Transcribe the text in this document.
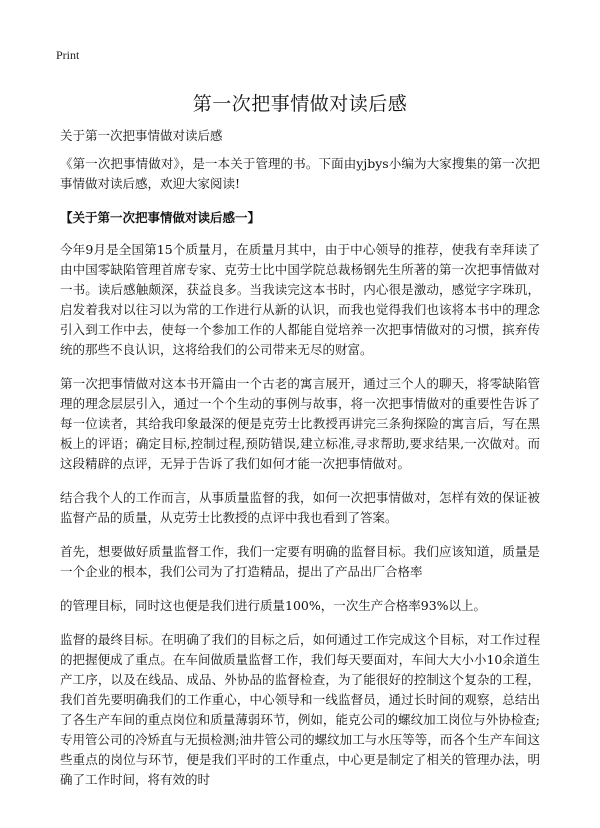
Print
第一次把事情做对读后感
关于第一次把事情做对读后感

《第一次把事情做对》，是一本关于管理的书。下面由yjbys小编为大家搜集的第一次把事情做对读后感，欢迎大家阅读!

【关于第一次把事情做对读后感一】

今年9月是全国第15个质量月，在质量月其中，由于中心领导的推荐，使我有幸拜读了由中国零缺陷管理首席专家、克劳士比中国学院总裁杨钢先生所著的第一次把事情做对一书。读后感触颇深，获益良多。当我读完这本书时，内心很是激动，感觉字字珠玑，启发着我对以往习以为常的工作进行从新的认识，而我也觉得我们也该将本书中的理念引入到工作中去，使每一个参加工作的人都能自觉培养一次把事情做对的习惯，摈弃传统的那些不良认识，这将给我们的公司带来无尽的财富。

第一次把事情做对这本书开篇由一个古老的寓言展开，通过三个人的聊天，将零缺陷管理的理念层层引入，通过一个个生动的事例与故事，将一次把事情做对的重要性告诉了每一位读者，其给我印象最深的便是克劳士比教授再讲完三条狗探险的寓言后，写在黑板上的评语；确定目标,控制过程,预防错误,建立标准,寻求帮助,要求结果,一次做对。而这段精辟的点评，无异于告诉了我们如何才能一次把事情做对。

结合我个人的工作而言，从事质量监督的我，如何一次把事情做对，怎样有效的保证被监督产品的质量，从克劳士比教授的点评中我也看到了答案。

首先，想要做好质量监督工作，我们一定要有明确的监督目标。我们应该知道，质量是一个企业的根本，我们公司为了打造精品，提出了产品出厂合格率

的管理目标，同时这也便是我们进行质量100%，一次生产合格率93%以上。

监督的最终目标。在明确了我们的目标之后，如何通过工作完成这个目标，对工作过程的把握便成了重点。在车间做质量监督工作，我们每天要面对，车间大大小小10余道生产工序，以及在线品、成品、外协品的监督检查，为了能很好的控制这个复杂的工程，我们首先要明确我们的工作重心，中心领导和一线监督员，通过长时间的观察，总结出了各生产车间的重点岗位和质量薄弱环节，例如，能克公司的螺纹加工岗位与外协检查;专用管公司的冷矫直与无损检测;油井管公司的螺纹加工与水压等等，而各个生产车间这些重点的岗位与环节，便是我们平时的工作重点，中心更是制定了相关的管理办法，明确了工作时间，将有效的时
